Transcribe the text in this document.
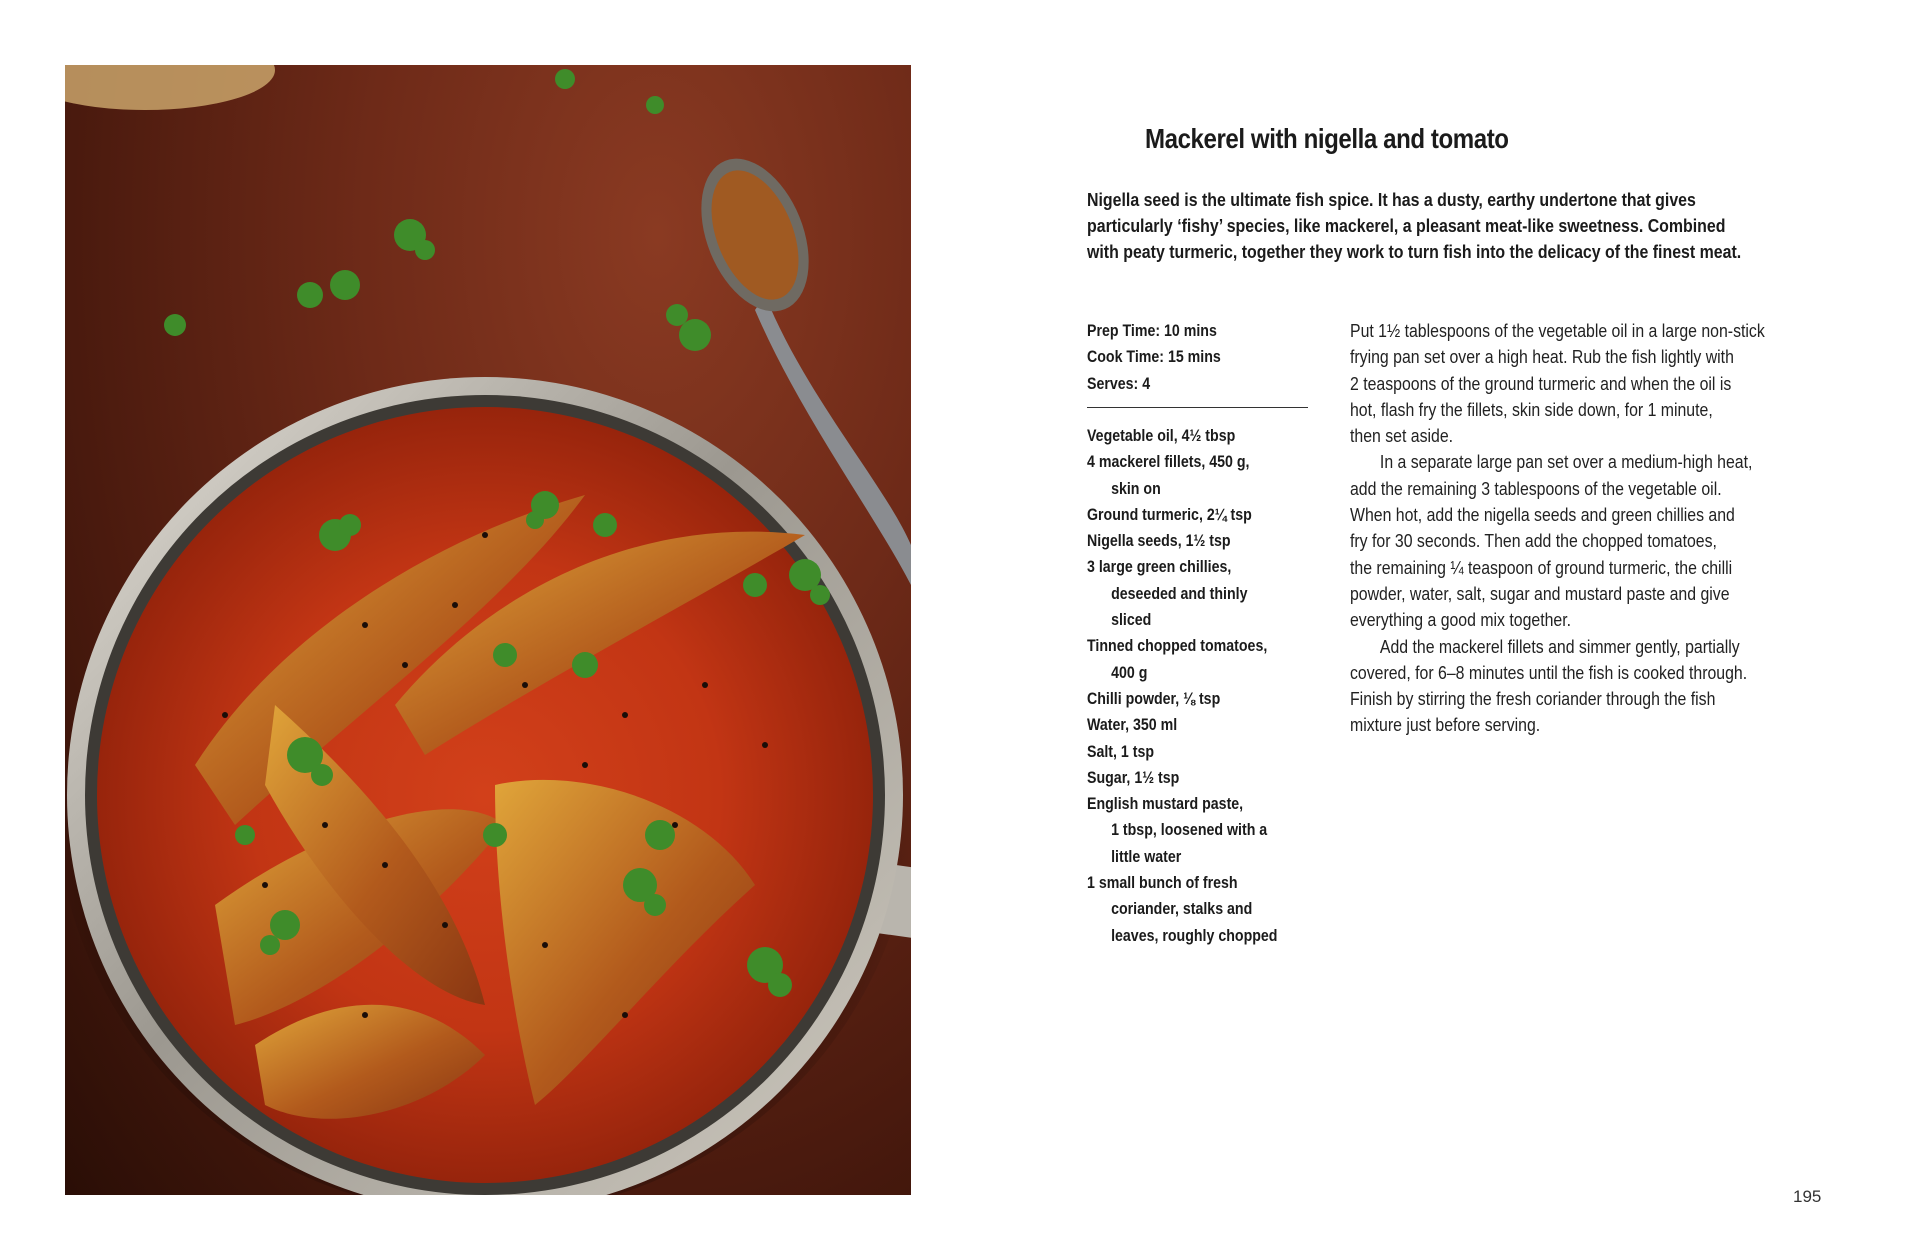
Mackerel with nigella and tomato

Nigella seed is the ultimate fish spice. It has a dusty, earthy undertone that gives
particularly ‘fishy’ species, like mackerel, a pleasant meat-like sweetness. Combined
with peaty turmeric, together they work to turn fish into the delicacy of the finest meat.

Prep Time: 10 mins
Cook Time: 15 mins
Serves: 4
Vegetable oil, 4½ tbsp
4 mackerel fillets, 450 g,
skin on
Ground turmeric, 2¼ tsp
Nigella seeds, 1½ tsp
3 large green chillies,
deseeded and thinly
sliced
Tinned chopped tomatoes,
400 g
Chilli powder, ⅛ tsp
Water, 350 ml
Salt, 1 tsp
Sugar, 1½ tsp
English mustard paste,
1 tbsp, loosened with a
little water
1 small bunch of fresh
coriander, stalks and
leaves, roughly chopped
Put 1½ tablespoons of the vegetable oil in a large non-stick
frying pan set over a high heat. Rub the fish lightly with
2 teaspoons of the ground turmeric and when the oil is
hot, flash fry the fillets, skin side down, for 1 minute,
then set aside.
In a separate large pan set over a medium-high heat,
add the remaining 3 tablespoons of the vegetable oil.
When hot, add the nigella seeds and green chillies and
fry for 30 seconds. Then add the chopped tomatoes,
the remaining ¼ teaspoon of ground turmeric, the chilli
powder, water, salt, sugar and mustard paste and give
everything a good mix together.
Add the mackerel fillets and simmer gently, partially
covered, for 6–8 minutes until the fish is cooked through.
Finish by stirring the fresh coriander through the fish
mixture just before serving.
195
